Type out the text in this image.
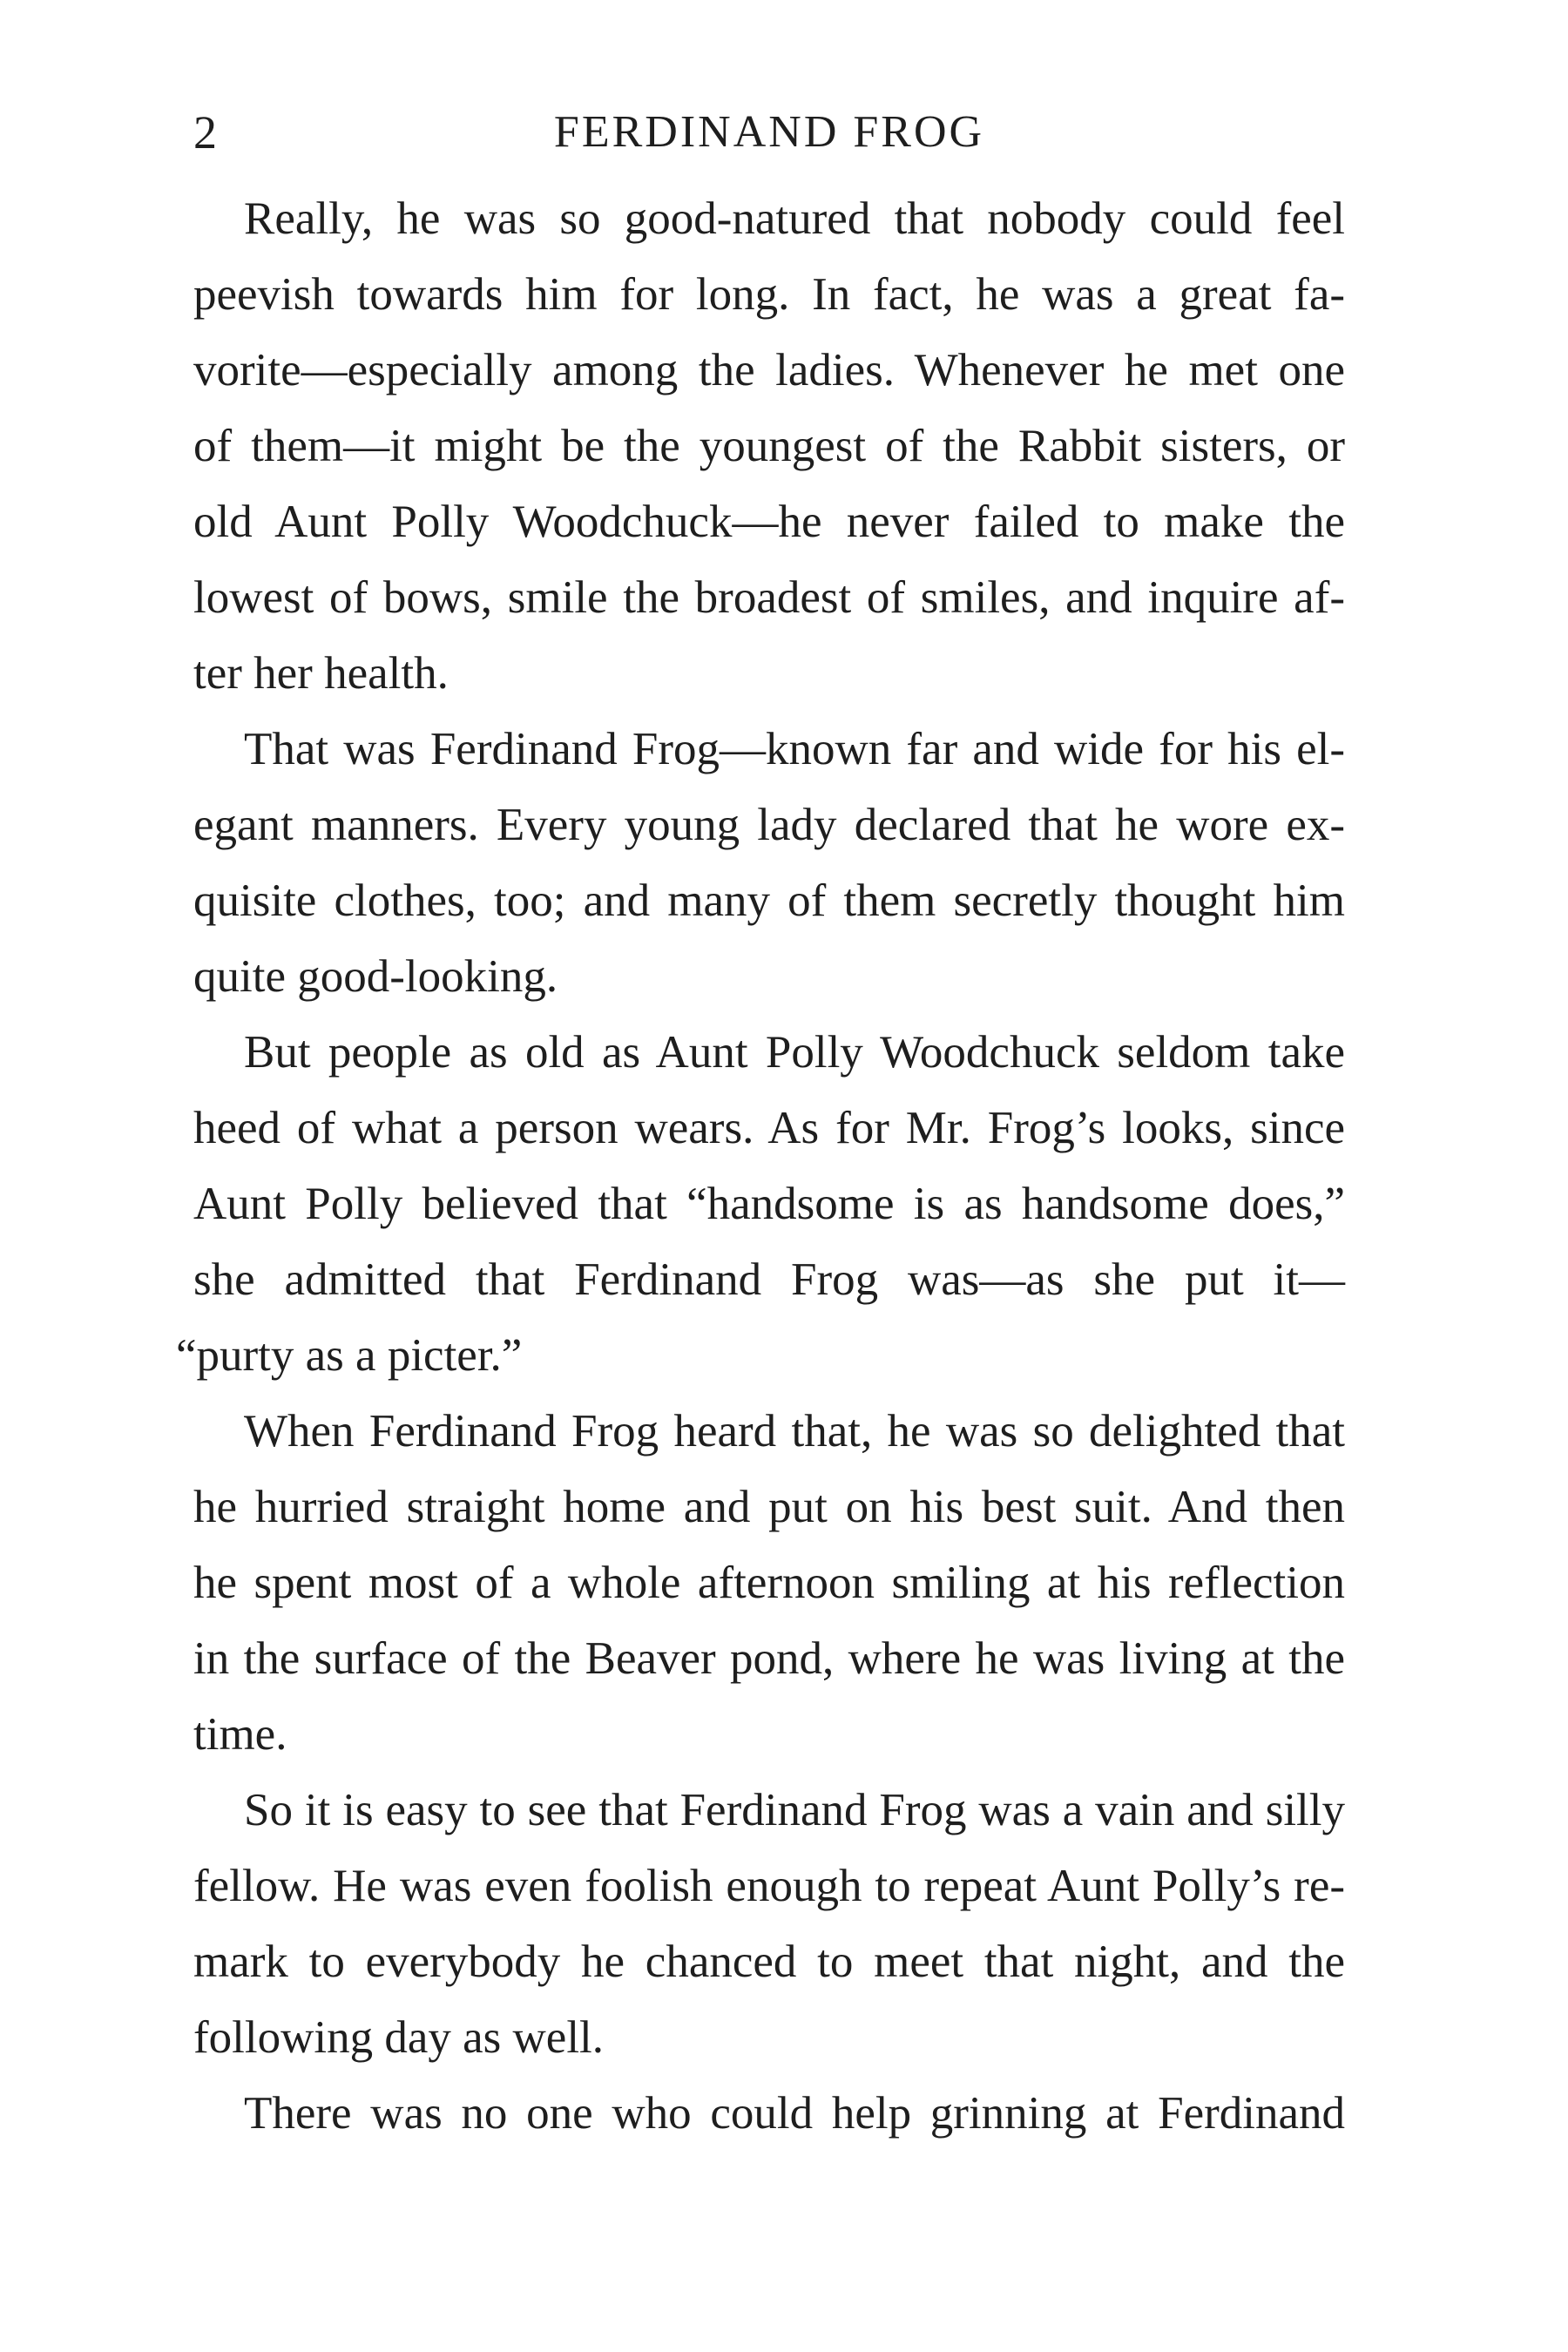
2	FERDINAND FROG
Really, he was so good-natured that nobody could feel
peevish towards him for long. In fact, he was a great fa-
vorite—especially among the ladies. Whenever he met one
of them—it might be the youngest of the Rabbit sisters, or
old Aunt Polly Woodchuck—he never failed to make the
lowest of bows, smile the broadest of smiles, and inquire af-
ter her health.
That was Ferdinand Frog—known far and wide for his el-
egant manners. Every young lady declared that he wore ex-
quisite clothes, too; and many of them secretly thought him
quite good-looking.
But people as old as Aunt Polly Woodchuck seldom take
heed of what a person wears. As for Mr. Frog’s looks, since
Aunt Polly believed that “handsome is as handsome does,”
she admitted that Ferdinand Frog was—as she put it—
“purty as a picter.”
When Ferdinand Frog heard that, he was so delighted that
he hurried straight home and put on his best suit. And then
he spent most of a whole afternoon smiling at his reflection
in the surface of the Beaver pond, where he was living at the
time.
So it is easy to see that Ferdinand Frog was a vain and silly
fellow. He was even foolish enough to repeat Aunt Polly’s re-
mark to everybody he chanced to meet that night, and the
following day as well.
There was no one who could help grinning at Ferdinand
